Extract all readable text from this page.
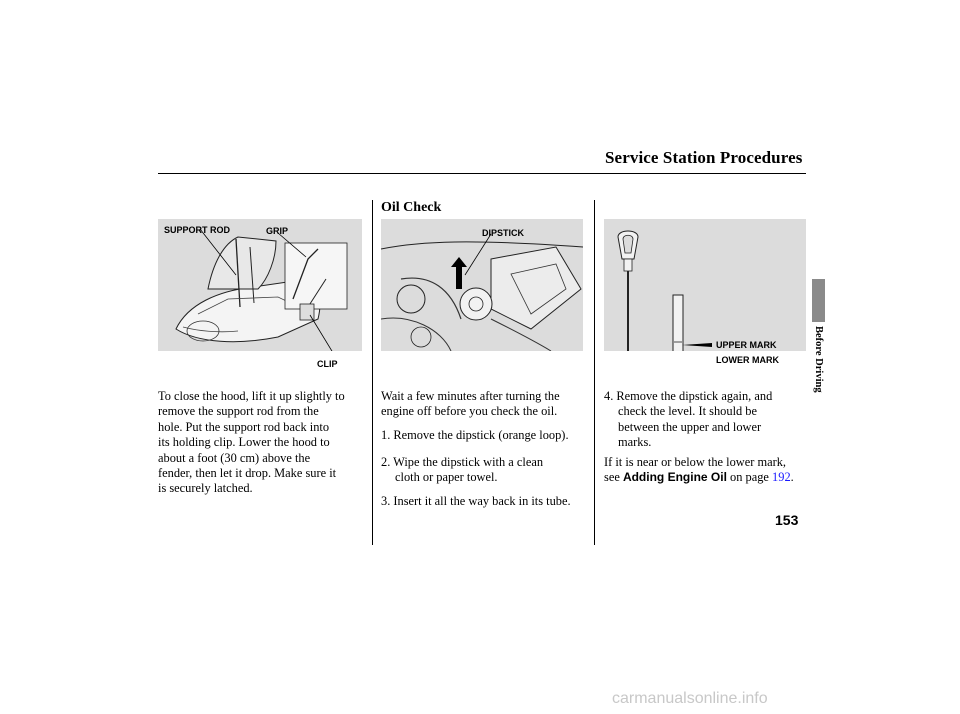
Service Station Procedures
Oil Check
SUPPORT ROD	GRIP
CLIP
DIPSTICK
UPPER MARK
LOWER MARK
To close the hood, lift it up slightly to
remove the support rod from the
hole. Put the support rod back into
its holding clip. Lower the hood to
about a foot (30 cm) above the
fender, then let it drop. Make sure it
is securely latched.
Wait a few minutes after turning the
engine off before you check the oil.
1. Remove the dipstick (orange loop).
2. Wipe the dipstick with a clean
cloth or paper towel.
3. Insert it all the way back in its tube.
4. Remove the dipstick again, and
check the level. It should be
between the upper and lower
marks.
If it is near or below the lower mark,
see Adding Engine Oil on page 192.
Before Driving
153
carmanualsonline.info
